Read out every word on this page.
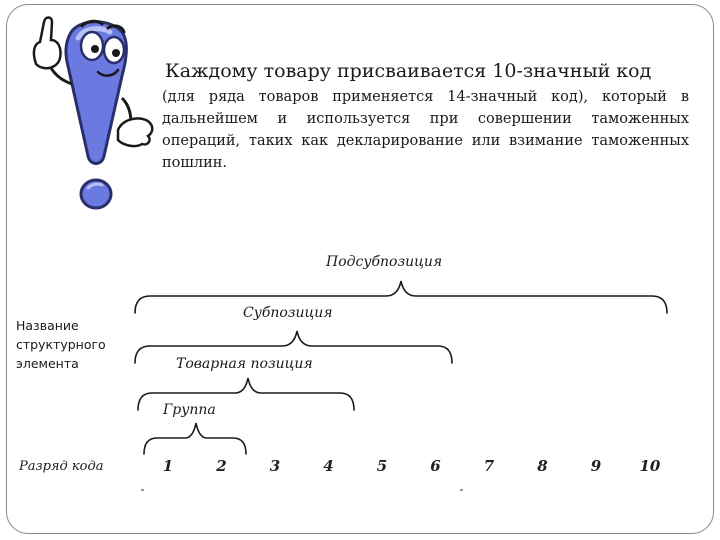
Каждому товару присваивается 10-значный код
(для ряда товаров применяется 14-значный код), который в дальнейшем и используется при совершении таможенных операций, таких как декларирование или взимание таможенных пошлин.
Подсубпозиция
Субпозиция
Товарная позиция
Группа
Название структурного элемента
Разряд кода	1	2	3	4	5	6	7	8	9	10
